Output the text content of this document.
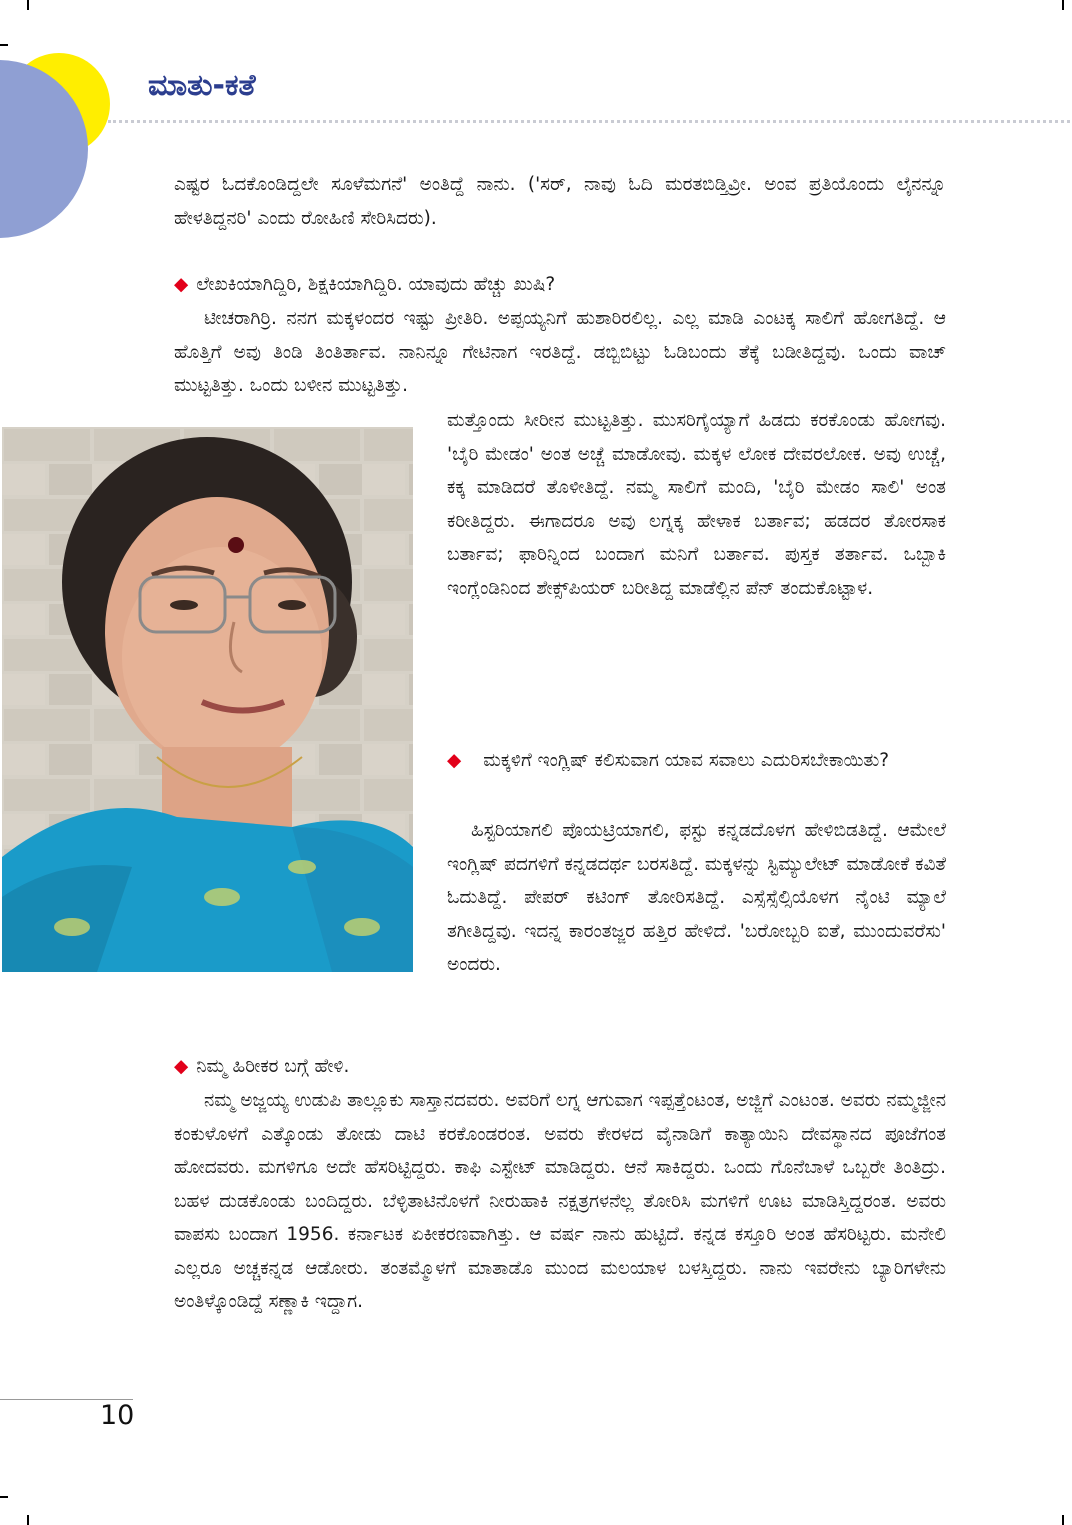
ಮಾತು-ಕತೆ

ಎಷ್ಟರ ಓದಕೊಂಡಿದ್ದಲೇ ಸೂಳೆಮಗನೆ' ಅಂತಿದ್ದೆ ನಾನು. ('ಸರ್, ನಾವು ಓದಿ ಮರತಬಿಡ್ತಿವ್ರೀ. ಅಂವ ಪ್ರತಿಯೊಂದು ಲೈನನ್ನೂ ಹೇಳತಿದ್ದನರಿ' ಎಂದು ರೋಹಿಣಿ ಸೇರಿಸಿದರು).

◆ ಲೇಖಕಿಯಾಗಿದ್ದಿರಿ, ಶಿಕ್ಷಕಿಯಾಗಿದ್ದಿರಿ. ಯಾವುದು ಹೆಚ್ಚು ಖುಷಿ?

ಟೀಚರಾಗಿರ್ರಿ. ನನಗ ಮಕ್ಕಳಂದರ ಇಷ್ಟು ಪ್ರೀತಿರಿ. ಅಪ್ಪಯ್ಯನಿಗೆ ಹುಶಾರಿರಲಿಲ್ಲ. ಎಲ್ಲ ಮಾಡಿ ಎಂಟಕ್ಕ ಸಾಲಿಗೆ ಹೋಗತಿದ್ದೆ. ಆ ಹೊತ್ತಿಗೆ ಅವು ತಿಂಡಿ ತಿಂತಿರ್ತಾವ. ನಾನಿನ್ನೂ ಗೇಟಿನಾಗ ಇರತಿದ್ದೆ. ಡಬ್ಬಿಬಿಟ್ಟು ಓಡಿಬಂದು ತೆಕ್ಕೆ ಬಡೀತಿದ್ದವು. ಒಂದು ವಾಚ್ ಮುಟ್ಟತಿತ್ತು. ಒಂದು ಬಳೀನ ಮುಟ್ಟತಿತ್ತು.

ಮತ್ತೊಂದು ಸೀರೀನ ಮುಟ್ಟತಿತ್ತು. ಮುಸರಿಗೈಯ್ಯಾಗೆ ಹಿಡದು ಕರಕೊಂಡು ಹೋಗವು. 'ಬೈರಿ ಮೇಡಂ' ಅಂತ ಅಚ್ಚೆ ಮಾಡೋವು. ಮಕ್ಕಳ ಲೋಕ ದೇವರಲೋಕ. ಅವು ಉಚ್ಚೆ, ಕಕ್ಕ ಮಾಡಿದರೆ ತೊಳೀತಿದ್ದೆ. ನಮ್ಮ ಸಾಲಿಗೆ ಮಂದಿ, 'ಬೈರಿ ಮೇಡಂ ಸಾಲಿ' ಅಂತ ಕರೀತಿದ್ದರು. ಈಗಾದರೂ ಅವು ಲಗ್ನಕ್ಕ ಹೇಳಾಕ ಬರ್ತಾವ; ಹಡದರ ತೋರಸಾಕ ಬರ್ತಾವ; ಫಾರಿನ್ನಿಂದ ಬಂದಾಗ ಮನಿಗೆ ಬರ್ತಾವ. ಪುಸ್ತಕ ತರ್ತಾವ. ಒಬ್ಬಾಕಿ ಇಂಗ್ಲೆಂಡಿನಿಂದ ಶೇಕ್ಸ್‌ಪಿಯರ್ ಬರೀತಿದ್ದ ಮಾಡೆಲ್ಲಿನ ಪೆನ್ ತಂದುಕೊಟ್ಟಾಳ.

◆ ಮಕ್ಕಳಿಗೆ ಇಂಗ್ಲಿಷ್ ಕಲಿಸುವಾಗ ಯಾವ ಸವಾಲು ಎದುರಿಸಬೇಕಾಯಿತು?

ಹಿಸ್ಟರಿಯಾಗಲಿ ಪೊಯಟ್ರಿಯಾಗಲಿ, ಫಸ್ಟು ಕನ್ನಡದೊಳಗ ಹೇಳಿಬಿಡತಿದ್ದೆ. ಆಮೇಲೆ ಇಂಗ್ಲಿಷ್ ಪದಗಳಿಗೆ ಕನ್ನಡದರ್ಥ ಬರಸತಿದ್ದೆ. ಮಕ್ಕಳನ್ನು ಸ್ಟಿಮ್ಯುಲೇಟ್ ಮಾಡೋಕೆ ಕವಿತೆ ಓದುತಿದ್ದೆ. ಪೇಪರ್ ಕಟಿಂಗ್ ತೋರಿಸತಿದ್ದೆ. ಎಸ್ಸೆಸ್ಸೆಲ್ಸಿಯೊಳಗ ನೈಂಟಿ ಮ್ಯಾಲೆ ತಗೀತಿದ್ದವು. ಇದನ್ನ ಕಾರಂತಜ್ಜರ ಹತ್ತಿರ ಹೇಳಿದೆ. 'ಬರೋಬ್ಬರಿ ಐತೆ, ಮುಂದುವರೆಸು' ಅಂದರು.

◆ ನಿಮ್ಮ ಹಿರೀಕರ ಬಗ್ಗೆ ಹೇಳಿ.

ನಮ್ಮ ಅಜ್ಜಯ್ಯ ಉಡುಪಿ ತಾಲ್ಲೂಕು ಸಾಸ್ತಾನದವರು. ಅವರಿಗೆ ಲಗ್ನ ಆಗುವಾಗ ಇಪ್ಪತ್ತೆಂಟಂತ, ಅಜ್ಜಿಗೆ ಎಂಟಂತ. ಅವರು ನಮ್ಮಜ್ಜೀನ ಕಂಕುಳೊಳಗೆ ಎತ್ಕೊಂಡು ತೋಡು ದಾಟಿ ಕರಕೊಂಡರಂತ. ಅವರು ಕೇರಳದ ವೈನಾಡಿಗೆ ಕಾತ್ಯಾಯಿನಿ ದೇವಸ್ಥಾನದ ಪೂಜೆಗಂತ ಹೋದವರು. ಮಗಳಿಗೂ ಅದೇ ಹೆಸರಿಟ್ಟಿದ್ದರು. ಕಾಫಿ ಎಸ್ಟೇಟ್ ಮಾಡಿದ್ದರು. ಆನೆ ಸಾಕಿದ್ದರು. ಒಂದು ಗೊನೆಬಾಳೆ ಒಬ್ಬರೇ ತಿಂತಿದ್ರು. ಬಹಳ ದುಡಕೊಂಡು ಬಂದಿದ್ದರು. ಬೆಳ್ಳಿತಾಟಿನೊಳಗೆ ನೀರುಹಾಕಿ ನಕ್ಷತ್ರಗಳನೆಲ್ಲ ತೋರಿಸಿ ಮಗಳಿಗೆ ಊಟ ಮಾಡಿಸ್ತಿದ್ದರಂತ. ಅವರು ವಾಪಸು ಬಂದಾಗ 1956. ಕರ್ನಾಟಕ ಏಕೀಕರಣವಾಗಿತ್ತು. ಆ ವರ್ಷ ನಾನು ಹುಟ್ಟಿದೆ. ಕನ್ನಡ ಕಸ್ತೂರಿ ಅಂತ ಹೆಸರಿಟ್ಟರು. ಮನೇಲಿ ಎಲ್ಲರೂ ಅಚ್ಚಕನ್ನಡ ಆಡೋರು. ತಂತಮ್ಮೊಳಗೆ ಮಾತಾಡೊ ಮುಂದ ಮಲಯಾಳ ಬಳಸ್ತಿದ್ದರು. ನಾನು ಇವರೇನು ಬ್ಯಾರಿಗಳೇನು ಅಂತಿಳ್ಕೊಂಡಿದ್ದೆ ಸಣ್ಣಾಕಿ ಇದ್ದಾಗ.

10
